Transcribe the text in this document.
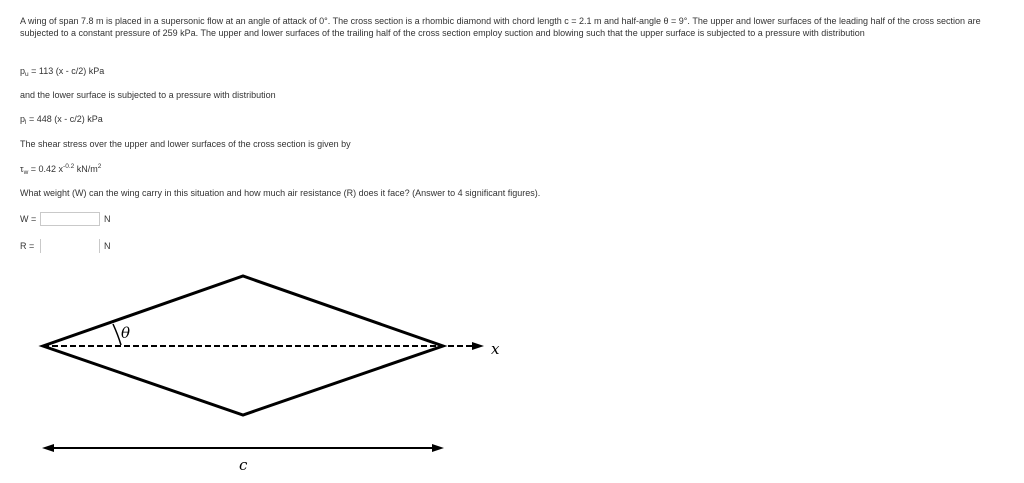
A wing of span 7.8 m is placed in a supersonic flow at an angle of attack of 0°. The cross section is a rhombic diamond with chord length c = 2.1 m and half-angle θ = 9°. The upper and lower surfaces of the leading half of the cross section are subjected to a constant pressure of 259 kPa. The upper and lower surfaces of the trailing half of the cross section employ suction and blowing such that the upper surface is subjected to a pressure with distribution

$p_u = 113$ (x - c/2) kPa

and the lower surface is subjected to a pressure with distribution

$p_l = 448$ (x - c/2) kPa

The shear stress over the upper and lower surfaces of the cross section is given by

$\tau_w = 0.42$ $x^{-0.2}$ $kN/m^2$

What weight (W) can the wing carry in this situation and how much air resistance (R) does it face? (Answer to 4 significant figures).

W =	N
R =	N
θ
x
c
